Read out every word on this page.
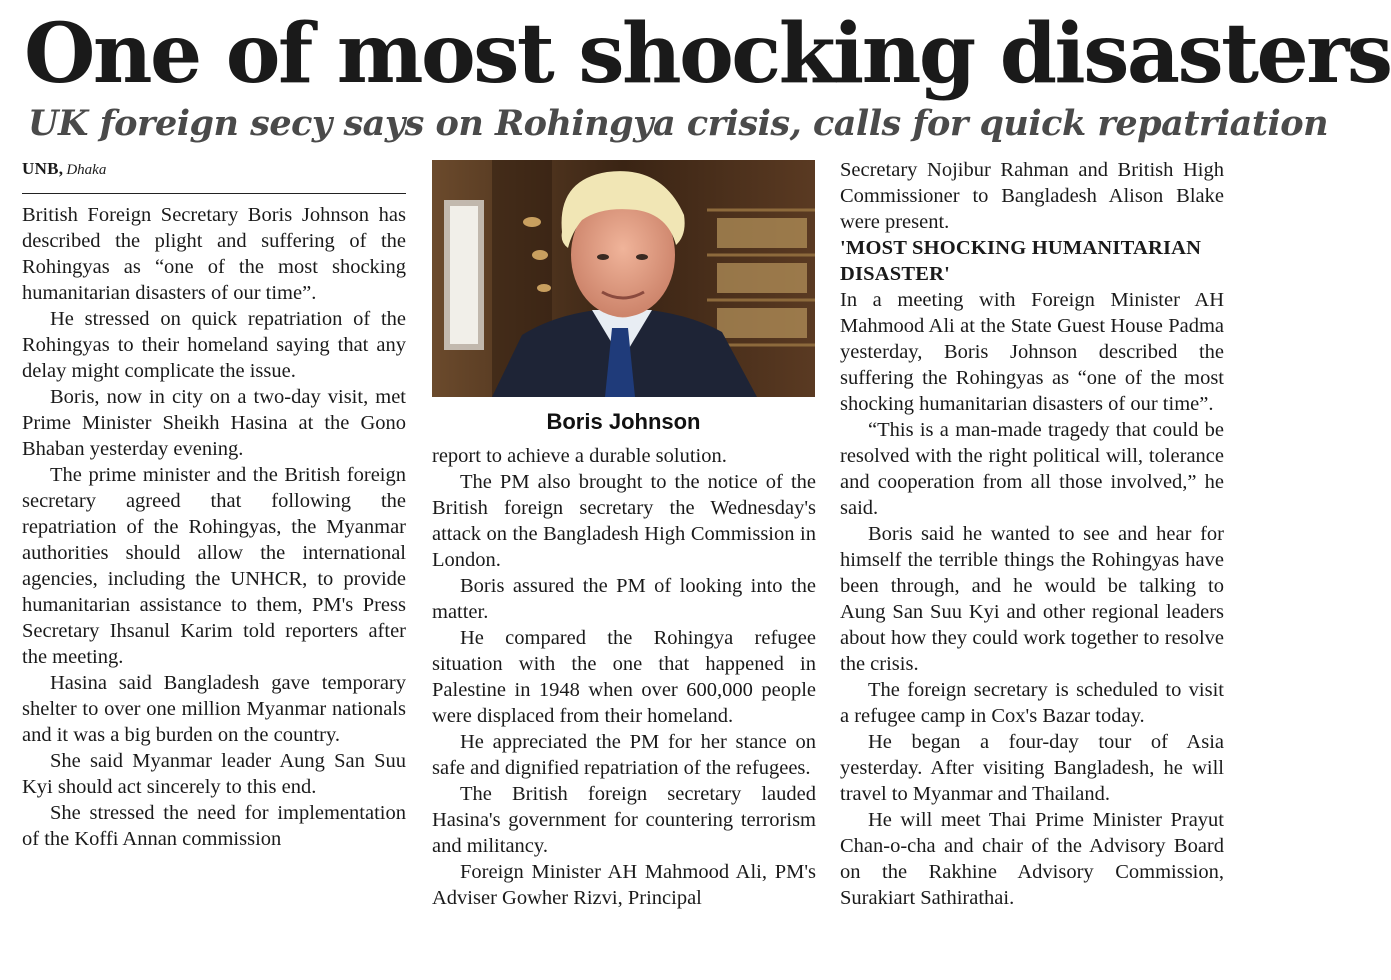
One of most shocking disasters
UK foreign secy says on Rohingya crisis, calls for quick repatriation
UNB, Dhaka
Boris Johnson

British Foreign Secretary Boris Johnson has described the plight and suffering of the Rohingyas as “one of the most shocking humanitarian disasters of our time”.

He stressed on quick repatriation of the Rohingyas to their homeland saying that any delay might complicate the issue.

Boris, now in city on a two-day visit, met Prime Minister Sheikh Hasina at the Gono Bhaban yesterday evening.

The prime minister and the British foreign secretary agreed that following the repatriation of the Rohingyas, the Myanmar authorities should allow the international agencies, including the UNHCR, to provide humanitarian assistance to them, PM's Press Secretary Ihsanul Karim told reporters after the meeting.

Hasina said Bangladesh gave temporary shelter to over one million Myanmar nationals and it was a big burden on the country.

She said Myanmar leader Aung San Suu Kyi should act sincerely to this end.

She stressed the need for implementation of the Koffi Annan commission

report to achieve a durable solution.

The PM also brought to the notice of the British foreign secretary the Wednesday's attack on the Bangladesh High Commission in London.

Boris assured the PM of looking into the matter.

He compared the Rohingya refugee situation with the one that happened in Palestine in 1948 when over 600,000 people were displaced from their homeland.

He appreciated the PM for her stance on safe and dignified repatriation of the refugees.

The British foreign secretary lauded Hasina's government for countering terrorism and militancy.

Foreign Minister AH Mahmood Ali, PM's Adviser Gowher Rizvi, Principal

Secretary Nojibur Rahman and British High Commissioner to Bangladesh Alison Blake were present.

'MOST SHOCKING HUMANITARIAN DISASTER'

In a meeting with Foreign Minister AH Mahmood Ali at the State Guest House Padma yesterday, Boris Johnson described the suffering the Rohingyas as “one of the most shocking humanitarian disasters of our time”.

“This is a man-made tragedy that could be resolved with the right political will, tolerance and cooperation from all those involved,” he said.

Boris said he wanted to see and hear for himself the terrible things the Rohingyas have been through, and he would be talking to Aung San Suu Kyi and other regional leaders about how they could work together to resolve the crisis.

The foreign secretary is scheduled to visit a refugee camp in Cox's Bazar today.

He began a four-day tour of Asia yesterday. After visiting Bangladesh, he will travel to Myanmar and Thailand.

He will meet Thai Prime Minister Prayut Chan-o-cha and chair of the Advisory Board on the Rakhine Advisory Commission, Surakiart Sathirathai.
